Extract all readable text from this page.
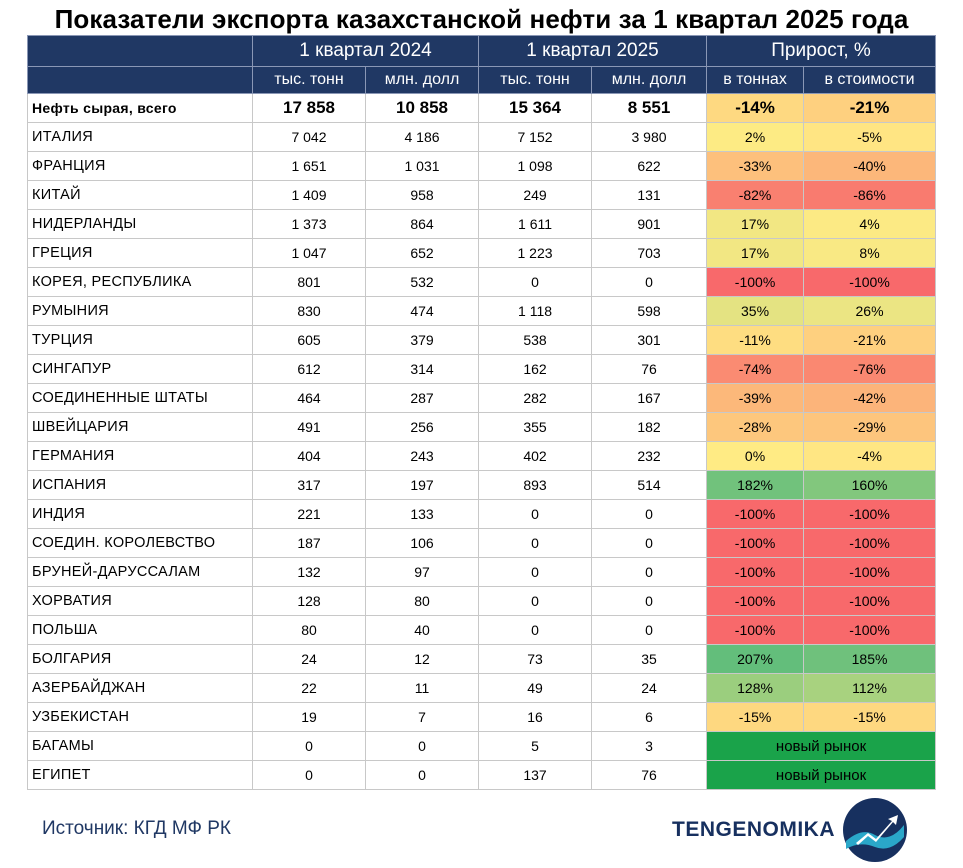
Показатели экспорта казахстанской нефти за 1 квартал 2025 года
	1 квартал 2024		1 квартал 2025		Прирост, %	
	тыс. тонн	млн. долл	тыс. тонн	млн. долл	в тоннах	в стоимости
Нефть сырая, всего	17 858	10 858	15 364	8 551	-14%	-21%
ИТАЛИЯ	7 042	4 186	7 152	3 980	2%	-5%
ФРАНЦИЯ	1 651	1 031	1 098	622	-33%	-40%
КИТАЙ	1 409	958	249	131	-82%	-86%
НИДЕРЛАНДЫ	1 373	864	1 611	901	17%	4%
ГРЕЦИЯ	1 047	652	1 223	703	17%	8%
КОРЕЯ, РЕСПУБЛИКА	801	532	0	0	-100%	-100%
РУМЫНИЯ	830	474	1 118	598	35%	26%
ТУРЦИЯ	605	379	538	301	-11%	-21%
СИНГАПУР	612	314	162	76	-74%	-76%
СОЕДИНЕННЫЕ ШТАТЫ	464	287	282	167	-39%	-42%
ШВЕЙЦАРИЯ	491	256	355	182	-28%	-29%
ГЕРМАНИЯ	404	243	402	232	0%	-4%
ИСПАНИЯ	317	197	893	514	182%	160%
ИНДИЯ	221	133	0	0	-100%	-100%
СОЕДИН. КОРОЛЕВСТВО	187	106	0	0	-100%	-100%
БРУНЕЙ-ДАРУССАЛАМ	132	97	0	0	-100%	-100%
ХОРВАТИЯ	128	80	0	0	-100%	-100%
ПОЛЬША	80	40	0	0	-100%	-100%
БОЛГАРИЯ	24	12	73	35	207%	185%
АЗЕРБАЙДЖАН	22	11	49	24	128%	112%
УЗБЕКИСТАН	19	7	16	6	-15%	-15%
БАГАМЫ	0	0	5	3	новый рынок	
ЕГИПЕТ	0	0	137	76	новый рынок	
Источник: КГД МФ РК	TENGENOMIKA
